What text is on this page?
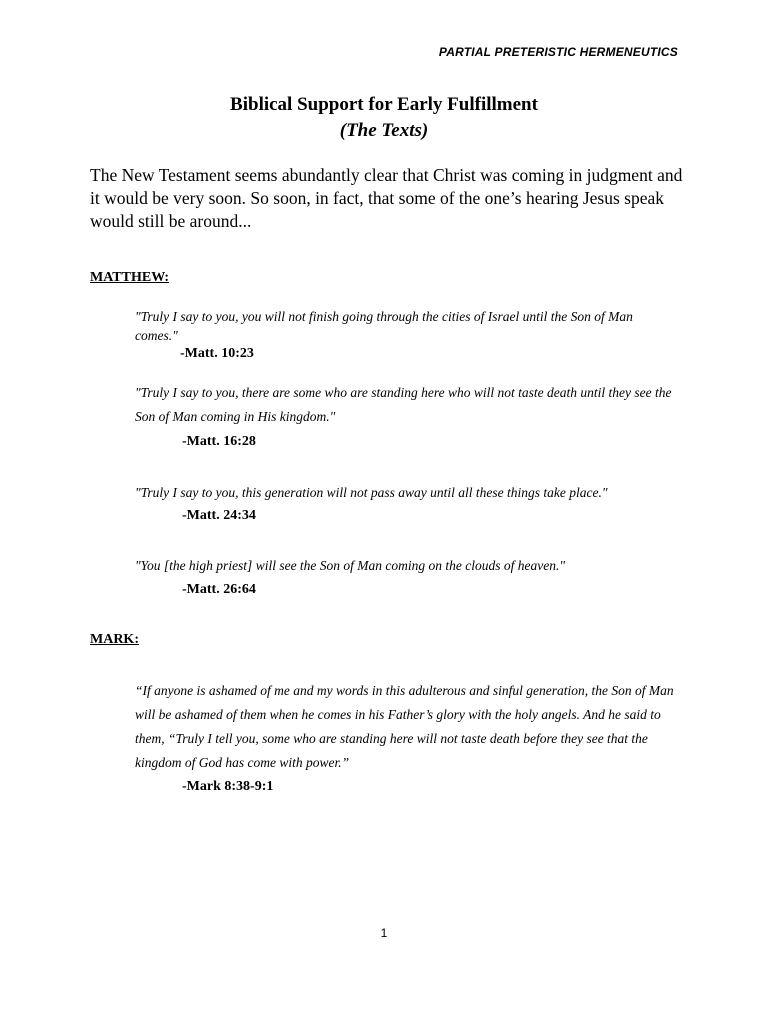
PARTIAL PRETERISTIC HERMENEUTICS
Biblical Support for Early Fulfillment
(The Texts)
The New Testament seems abundantly clear that Christ was coming in judgment and it would be very soon. So soon, in fact, that some of the one’s hearing Jesus speak would still be around...
MATTHEW:
"Truly I say to you, you will not finish going through the cities of Israel until the Son of Man comes."
-Matt. 10:23
"Truly I say to you, there are some who are standing here who will not taste death until they see the Son of Man coming in His kingdom."
-Matt. 16:28
"Truly I say to you, this generation will not pass away until all these things take place."
-Matt. 24:34
"You [the high priest] will see the Son of Man coming on the clouds of heaven."
-Matt. 26:64
MARK:
“If anyone is ashamed of me and my words in this adulterous and sinful generation, the Son of Man will be ashamed of them when he comes in his Father’s glory with the holy angels. And he said to them, “Truly I tell you, some who are standing here will not taste death before they see that the kingdom of God has come with power.”
-Mark 8:38-9:1
1
